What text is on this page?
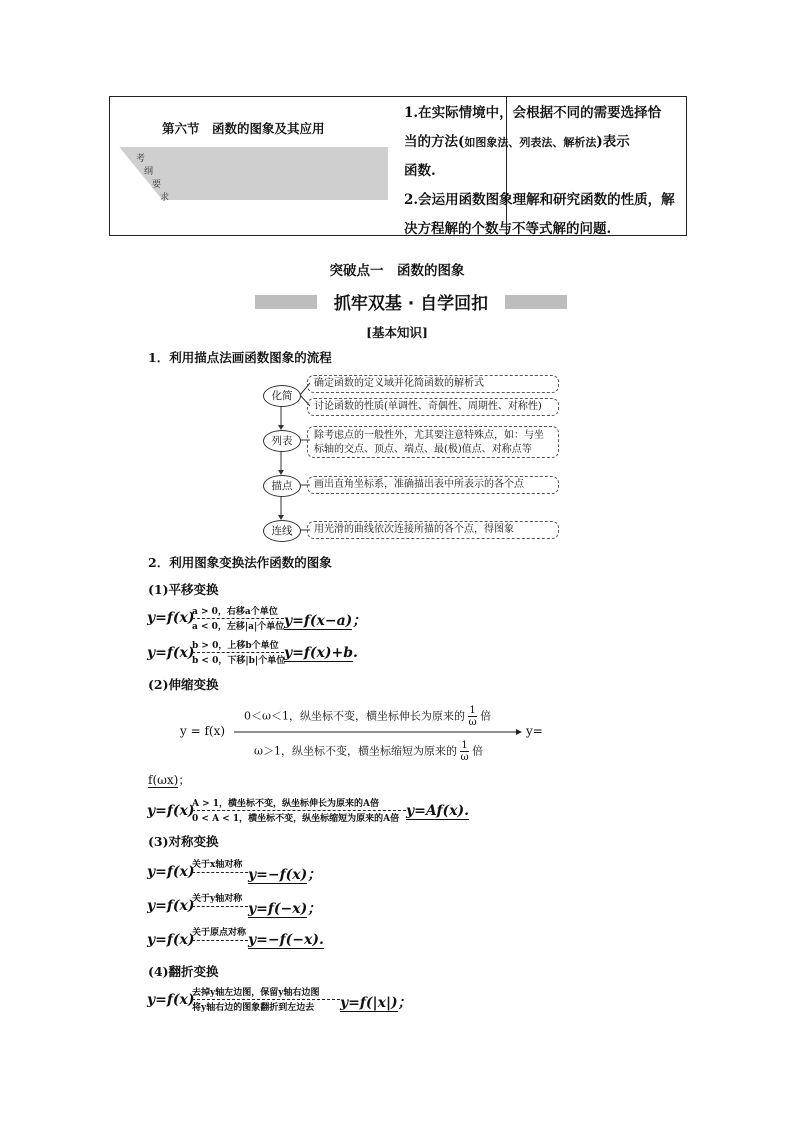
第六节　函数的图象及其应用
考
纲
要
求
1.在实际情境中，会根据不同的需要选择恰
当的方法(如图象法、列表法、解析法)表示
函数.
2.会运用函数图象理解和研究函数的性质，解
决方程解的个数与不等式解的问题.
突破点一　函数的图象
抓牢双基 · 自学回扣
[基本知识]
1．利用描点法画函数图象的流程
化简
列表
描点
连线
确定函数的定义域并化简函数的解析式
讨论函数的性质(单调性、奇偶性、周期性、对称性)
除考虑点的一般性外，尤其要注意特殊点，如：与坐
标轴的交点、顶点、端点、最(极)值点、对称点等
画出直角坐标系，准确描出表中所表示的各个点
用光滑的曲线依次连接所描的各个点，得图象
2．利用图象变换法作函数的图象
(1)平移变换
y=f(x)
a > 0，右移a个单位
a < 0，左移|a|个单位 y=f(x−a)；
y=f(x)
b > 0，上移b个单位
b < 0，下移|b|个单位
y=f(x)+b.
(2)伸缩变换
y = f(x)
0＜ω＜1，纵坐标不变，横坐标伸长为原来的 $\frac{1}{\omega}$ 倍
ω＞1，纵坐标不变，横坐标缩短为原来的 $\frac{1}{\omega}$ 倍
y=
f(ωx)；
y=f(x)
A > 1，横坐标不变，纵坐标伸长为原来的A倍
0 < A < 1，横坐标不变，纵坐标缩短为原来的A倍 y=Af(x).
(3)对称变换
y=f(x)
关于x轴对称
y=−f(x)；
y=f(x)
关于y轴对称
y=f(−x)；
y=f(x)
关于原点对称 y=−f(−x).
(4)翻折变换
y=f(x)
去掉y轴左边图，保留y轴右边图
将y轴右边的图象翻折到左边去 y=f(|x|)；
